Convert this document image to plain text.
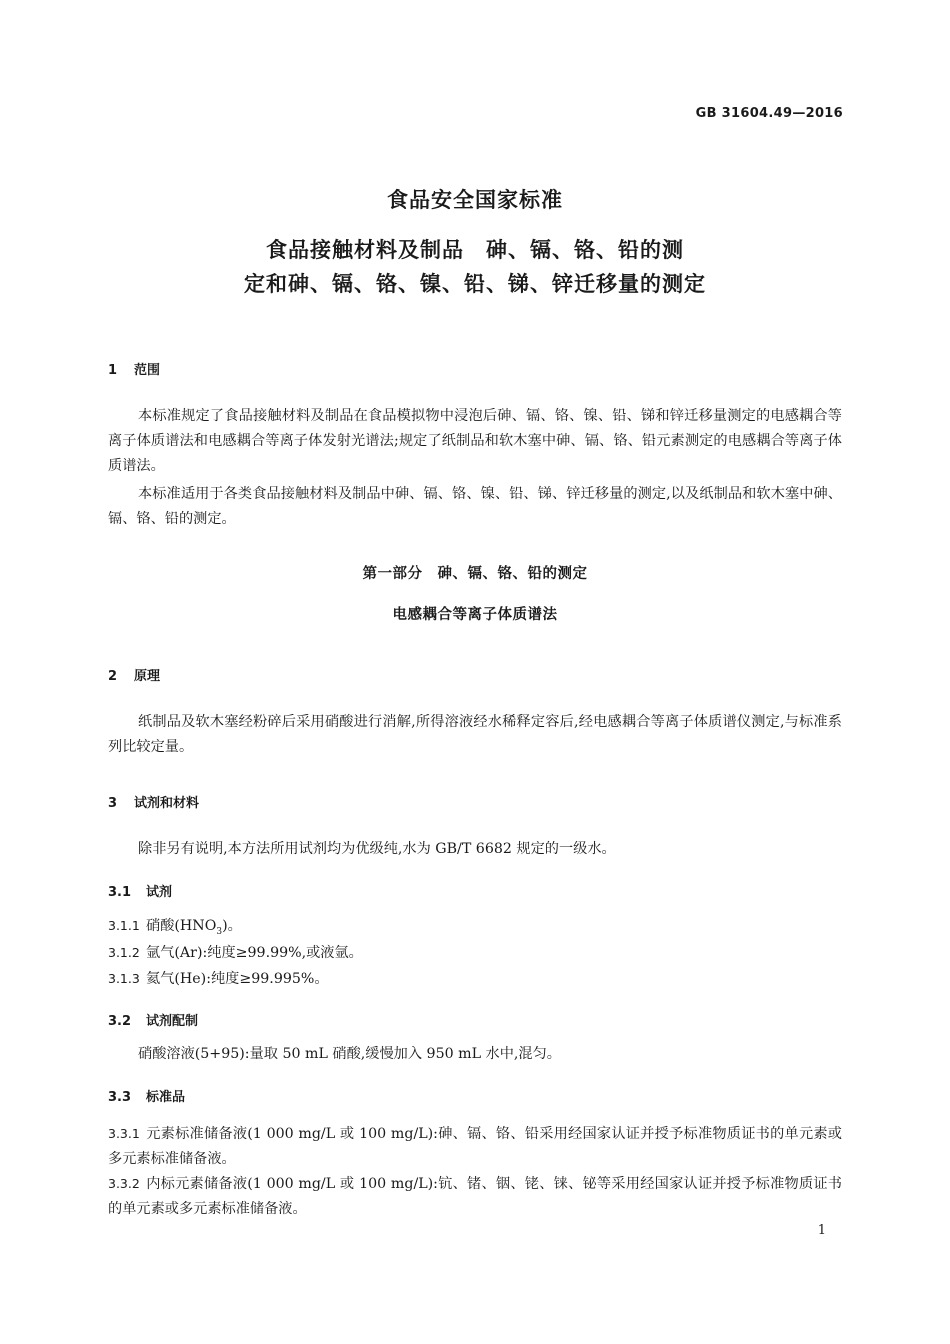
GB 31604.49—2016
食品安全国家标准
食品接触材料及制品　砷、镉、铬、铅的测
定和砷、镉、铬、镍、铅、锑、锌迁移量的测定
1 范围

本标准规定了食品接触材料及制品在食品模拟物中浸泡后砷、镉、铬、镍、铅、锑和锌迁移量测定的电感耦合等离子体质谱法和电感耦合等离子体发射光谱法;规定了纸制品和软木塞中砷、镉、铬、铅元素测定的电感耦合等离子体质谱法。

本标准适用于各类食品接触材料及制品中砷、镉、铬、镍、铅、锑、锌迁移量的测定,以及纸制品和软木塞中砷、镉、铬、铅的测定。

第一部分　砷、镉、铬、铅的测定
电感耦合等离子体质谱法
2 原理

纸制品及软木塞经粉碎后采用硝酸进行消解,所得溶液经水稀释定容后,经电感耦合等离子体质谱仪测定,与标准系列比较定量。

3 试剂和材料

除非另有说明,本方法所用试剂均为优级纯,水为 GB/T 6682 规定的一级水。

3.1 试剂

3.1.1 硝酸$(HNO_3)$。

3.1.2 氩气(Ar):纯度≥99.99%,或液氩。

3.1.3 氦气(He):纯度≥99.995%。

3.2 试剂配制

硝酸溶液(5+95):量取 50 mL 硝酸,缓慢加入 950 mL 水中,混匀。

3.3 标准品

3.3.1 元素标准储备液(1 000 mg/L 或 100 mg/L):砷、镉、铬、铅采用经国家认证并授予标准物质证书的单元素或多元素标准储备液。

3.3.2 内标元素储备液(1 000 mg/L 或 100 mg/L):钪、锗、铟、铑、铼、铋等采用经国家认证并授予标准物质证书的单元素或多元素标准储备液。

1
